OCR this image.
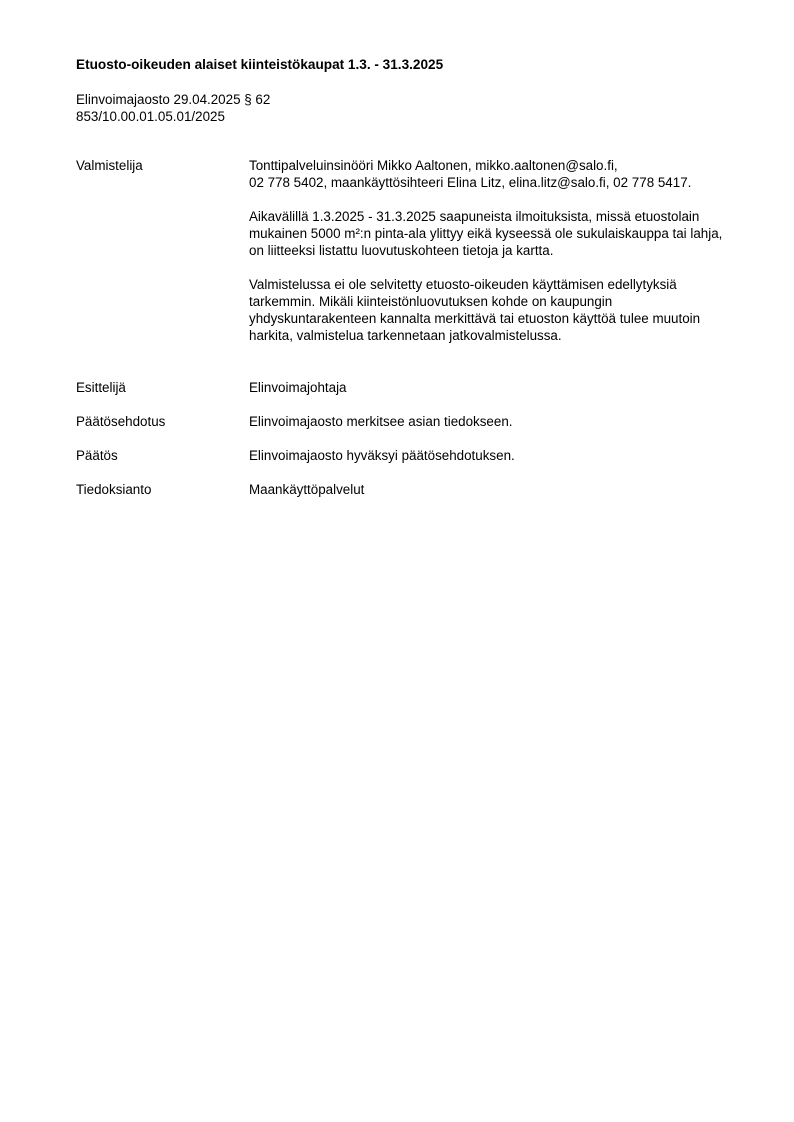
Etuosto-oikeuden alaiset kiinteistökaupat 1.3. - 31.3.2025
Elinvoimajaosto 29.04.2025 § 62
853/10.00.01.05.01/2025
Valmistelija	Tonttipalveluinsinööri Mikko Aaltonen, mikko.aaltonen@salo.fi,
02 778 5402, maankäyttösihteeri Elina Litz, elina.litz@salo.fi, 02 778 5417.

Aikavälillä 1.3.2025 - 31.3.2025 saapuneista ilmoituksista, missä etuostolain mukainen 5000 m²:n pinta-ala ylittyy eikä kyseessä ole sukulaiskauppa tai lahja, on liitteeksi listattu luovutuskohteen tietoja ja kartta.

Valmistelussa ei ole selvitetty etuosto-oikeuden käyttämisen edellytyksiä tarkemmin. Mikäli kiinteistönluovutuksen kohde on kaupungin yhdyskuntarakenteen kannalta merkittävä tai etuoston käyttöä tulee muutoin harkita, valmistelua tarkennetaan jatkovalmistelussa.

Esittelijä	Elinvoimajohtaja
Päätösehdotus	Elinvoimajaosto merkitsee asian tiedokseen.
Päätös	Elinvoimajaosto hyväksyi päätösehdotuksen.
Tiedoksianto	Maankäyttöpalvelut
